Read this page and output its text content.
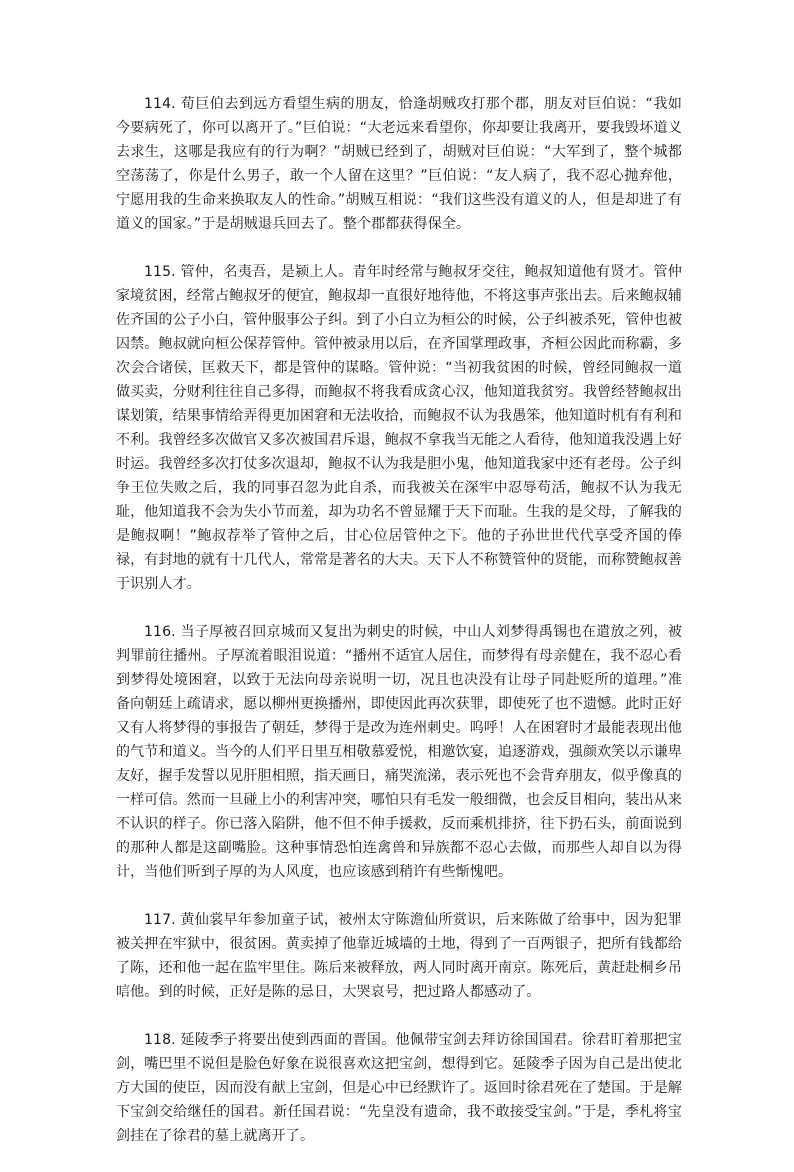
114. 荀巨伯去到远方看望生病的朋友，恰逢胡贼攻打那个郡，朋友对巨伯说：“我如今要病死了，你可以离开了。”巨伯说：“大老远来看望你，你却要让我离开，要我毁坏道义去求生，这哪是我应有的行为啊？”胡贼已经到了，胡贼对巨伯说：“大军到了，整个城都空荡荡了，你是什么男子，敢一个人留在这里？”巨伯说：“友人病了，我不忍心抛弃他，宁愿用我的生命来换取友人的性命。”胡贼互相说：“我们这些没有道义的人，但是却进了有道义的国家。”于是胡贼退兵回去了。整个郡都获得保全。

115. 管仲，名夷吾，是颍上人。青年时经常与鲍叔牙交往，鲍叔知道他有贤才。管仲家境贫困，经常占鲍叔牙的便宜，鲍叔却一直很好地待他，不将这事声张出去。后来鲍叔辅佐齐国的公子小白，管仲服事公子纠。到了小白立为桓公的时候，公子纠被杀死，管仲也被囚禁。鲍叔就向桓公保荐管仲。管仲被录用以后，在齐国掌理政事，齐桓公因此而称霸，多次会合诸侯，匡救天下，都是管仲的谋略。管仲说：“当初我贫困的时候，曾经同鲍叔一道做买卖，分财利往往自己多得，而鲍叔不将我看成贪心汉，他知道我贫穷。我曾经替鲍叔出谋划策，结果事情给弄得更加困窘和无法收拾，而鲍叔不认为我愚笨，他知道时机有有利和不利。我曾经多次做官又多次被国君斥退，鲍叔不拿我当无能之人看待，他知道我没遇上好时运。我曾经多次打仗多次退却，鲍叔不认为我是胆小鬼，他知道我家中还有老母。公子纠争王位失败之后，我的同事召忽为此自杀，而我被关在深牢中忍辱苟活，鲍叔不认为我无耻，他知道我不会为失小节而羞，却为功名不曾显耀于天下而耻。生我的是父母，了解我的是鲍叔啊！”鲍叔荐举了管仲之后，甘心位居管仲之下。他的子孙世世代代享受齐国的俸禄，有封地的就有十几代人，常常是著名的大夫。天下人不称赞管仲的贤能，而称赞鲍叔善于识别人才。

116. 当子厚被召回京城而又复出为刺史的时候，中山人刘梦得禹锡也在遣放之列，被判罪前往播州。子厚流着眼泪说道：“播州不适宜人居住，而梦得有母亲健在，我不忍心看到梦得处境困窘，以致于无法向母亲说明一切，况且也决没有让母子同赴贬所的道理。”准备向朝廷上疏请求，愿以柳州更换播州，即使因此再次获罪，即使死了也不遗憾。此时正好又有人将梦得的事报告了朝廷，梦得于是改为连州刺史。呜呼！人在困窘时才最能表现出他的气节和道义。当今的人们平日里互相敬慕爱悦，相邀饮宴，追逐游戏，强颜欢笑以示谦卑友好，握手发誓以见肝胆相照，指天画日，痛哭流涕，表示死也不会背弃朋友，似乎像真的一样可信。然而一旦碰上小的利害冲突，哪怕只有毛发一般细微，也会反目相向，装出从来不认识的样子。你已落入陷阱，他不但不伸手援救，反而乘机排挤，往下扔石头，前面说到的那种人都是这副嘴脸。这种事情恐怕连禽兽和异族都不忍心去做，而那些人却自以为得计，当他们听到子厚的为人风度，也应该感到稍许有些惭愧吧。

117. 黄仙裳早年参加童子试，被州太守陈澹仙所赏识，后来陈做了给事中，因为犯罪被关押在牢狱中，很贫困。黄卖掉了他靠近城墙的土地，得到了一百两银子，把所有钱都给了陈，还和他一起在监牢里住。陈后来被释放，两人同时离开南京。陈死后，黄赶赴桐乡吊唁他。到的时候，正好是陈的忌日，大哭哀号，把过路人都感动了。

118. 延陵季子将要出使到西面的晋国。他佩带宝剑去拜访徐国国君。徐君盯着那把宝剑，嘴巴里不说但是脸色好象在说很喜欢这把宝剑，想得到它。延陵季子因为自己是出使北方大国的使臣，因而没有献上宝剑，但是心中已经默许了。返回时徐君死在了楚国。于是解下宝剑交给继任的国君。新任国君说：“先皇没有遗命，我不敢接受宝剑。”于是，季札将宝剑挂在了徐君的墓上就离开了。
